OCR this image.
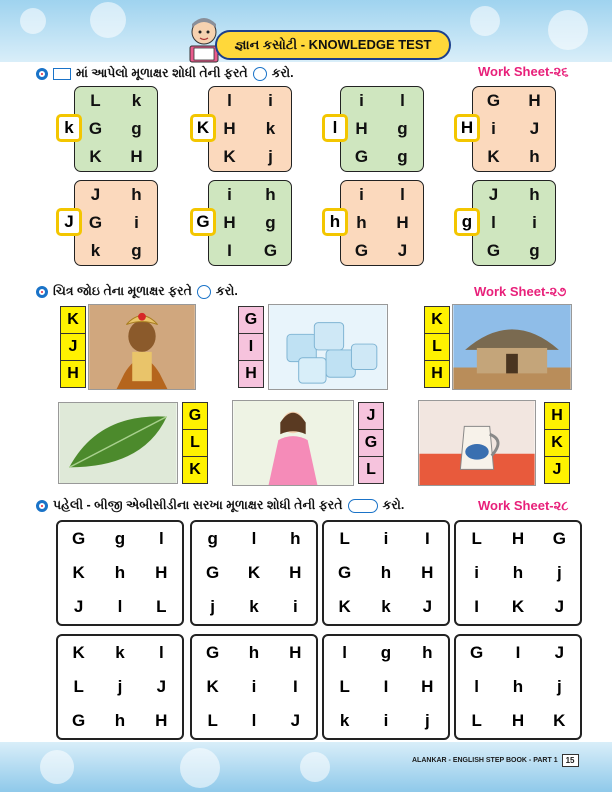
જ્ઞાન કસોટી - KNOWLEDGE TEST
માં આપેલો મૂળાક્ષર શોધી તેની ફરતે કરો.	Work Sheet-૨૬
L k
G g
K H
k
l i
H k
K j
K
i l
H g
G g
l
G H
i J
K h
H
J h
G i
k g
J
i h
H g
I G
G
i l
h H
G J
h
J h
l i
G g
g
ચિત્ર જોઇ તેના મૂળાક્ષર ફરતે કરો.	Work Sheet-૨૭
K
J
H
G
I
H
K
L
H
G
L
K
J
G
L
H
K
J
પહેલી - બીજી એબીસીડીના સરખા મૂળાક્ષર શોધી તેની ફરતે	કરો.	Work Sheet-૨૮
G g l
K h H
J l L
g l h
G K H
j k i
L i I
G h H
K k J
L H G
i h j
I K J
K k l
L j J
G h H
G h H
K i I
L l J
l g h
L I H
k i j
G I J
l h j
L H K
ALANKAR - ENGLISH STEP BOOK - PART 1	15
